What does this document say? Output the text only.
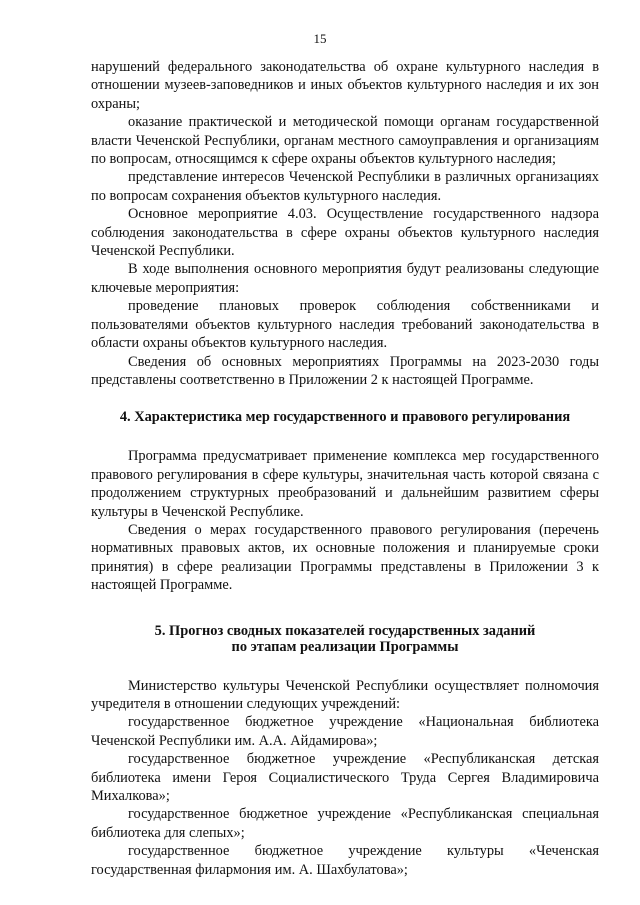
15

нарушений федерального законодательства об охране культурного наследия в отношении музеев-заповедников и иных объектов культурного наследия и их зон охраны;

оказание практической и методической помощи органам государственной власти Чеченской Республики, органам местного самоуправления и организациям по вопросам, относящимся к сфере охраны объектов культурного наследия;

представление интересов Чеченской Республики в различных организациях по вопросам сохранения объектов культурного наследия.

Основное мероприятие 4.03. Осуществление государственного надзора соблюдения законодательства в сфере охраны объектов культурного наследия Чеченской Республики.

В ходе выполнения основного мероприятия будут реализованы следующие ключевые мероприятия:

проведение плановых проверок соблюдения собственниками и пользователями объектов культурного наследия требований законодательства в области охраны объектов культурного наследия.

Сведения об основных мероприятиях Программы на 2023-2030 годы представлены соответственно в Приложении 2 к настоящей Программе.

4. Характеристика мер государственного и правового регулирования

Программа предусматривает применение комплекса мер государственного правового регулирования в сфере культуры, значительная часть которой связана с продолжением структурных преобразований и дальнейшим развитием сферы культуры в Чеченской Республике.

Сведения о мерах государственного правового регулирования (перечень нормативных правовых актов, их основные положения и планируемые сроки принятия) в сфере реализации Программы представлены в Приложении 3 к настоящей Программе.

5. Прогноз сводных показателей государственных заданий
по этапам реализации Программы

Министерство культуры Чеченской Республики осуществляет полномочия учредителя в отношении следующих учреждений:

государственное бюджетное учреждение «Национальная библиотека Чеченской Республики им. А.А. Айдамирова»;

государственное бюджетное учреждение «Республиканская детская библиотека имени Героя Социалистического Труда Сергея Владимировича Михалкова»;

государственное бюджетное учреждение «Республиканская специальная библиотека для слепых»;

государственное бюджетное учреждение культуры «Чеченская государственная филармония им. А. Шахбулатова»;
